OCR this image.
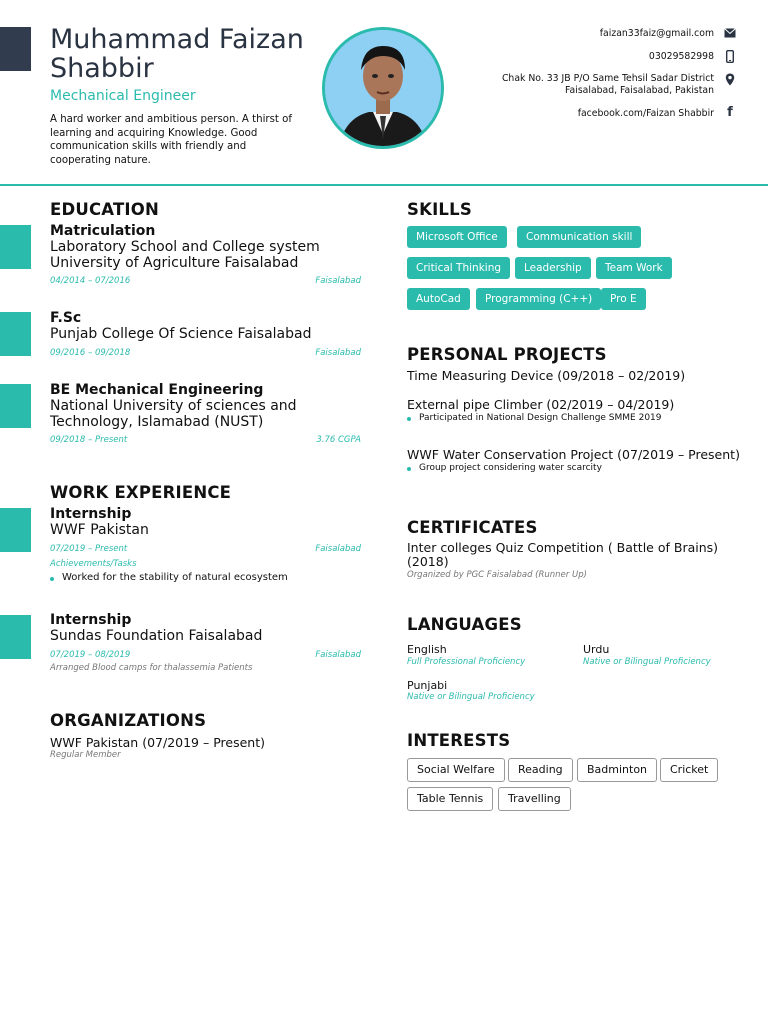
Muhammad Faizan Shabbir
Mechanical Engineer
A hard worker and ambitious person. A thirst of learning and acquiring Knowledge. Good communication skills with friendly and cooperating nature.
faizan33faiz@gmail.com
03029582998
Chak No. 33 JB P/O Same Tehsil Sadar District
Faisalabad, Faisalabad, Pakistan
facebook.com/Faizan Shabbir f
EDUCATION
Matriculation
Laboratory School and College system University of Agriculture Faisalabad
04/2014 – 07/2016	Faisalabad
F.Sc
Punjab College Of Science Faisalabad
09/2016 – 09/2018	Faisalabad
BE Mechanical Engineering
National University of sciences and Technology, Islamabad (NUST)
09/2018 – Present	3.76 CGPA
WORK EXPERIENCE
Internship
WWF Pakistan
07/2019 – Present	Faisalabad
Achievements/Tasks
Worked for the stability of natural ecosystem
Internship
Sundas Foundation Faisalabad
07/2019 – 08/2019	Faisalabad
Arranged Blood camps for thalassemia Patients
ORGANIZATIONS
WWF Pakistan (07/2019 – Present)
Regular Member
SKILLS
Microsoft Office	Communication skill
Critical Thinking	Leadership	Team Work
AutoCad	Programming (C++)	Pro E
PERSONAL PROJECTS
Time Measuring Device (09/2018 – 02/2019)
External pipe Climber (02/2019 – 04/2019)
Participated in National Design Challenge SMME 2019
WWF Water Conservation Project (07/2019 – Present)
Group project considering water scarcity
CERTIFICATES
Inter colleges Quiz Competition ( Battle of Brains) (2018)
Organized by PGC Faisalabad (Runner Up)
LANGUAGES
English
Full Professional Proficiency
Urdu
Native or Bilingual Proficiency
Punjabi
Native or Bilingual Proficiency
INTERESTS
Social Welfare	Reading	Badminton	Cricket
Table Tennis	Travelling
